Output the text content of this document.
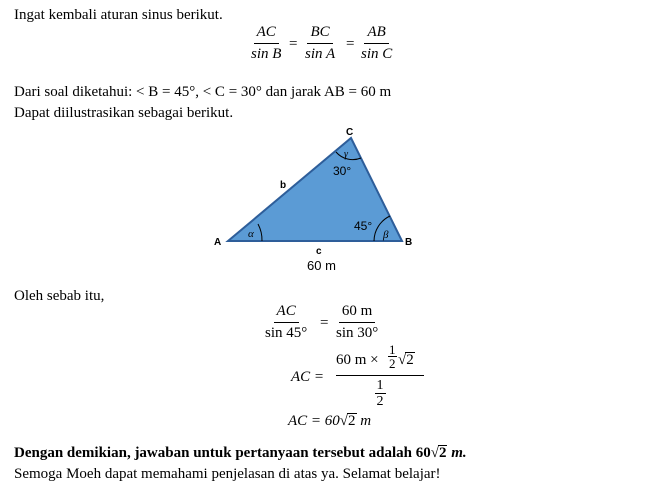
Ingat kembali aturan sinus berikut.
$\frac{AC}{\text{sin B}} = \frac{BC}{\text{sin A}} = \frac{AB}{\text{sin C}}$
Dari soal diketahui: < B = 45°, < C = 30° dan jarak AB = 60 m
Dapat diilustrasikan sebagai berikut.
A	B
C
b
c
α	β
γ
30°
45°
60 m
Oleh sebab itu,
$\frac{AC}{\sin 45^\circ} = \frac{60 m}{\sin 30^\circ}$
AC =
60 $m \times \frac{1}{2} √2$
$\frac{1}{2}$
AC = 60√2 m
Dengan demikian, jawaban untuk pertanyaan tersebut adalah 60√2 m.
Semoga Moeh dapat memahami penjelasan di atas ya. Selamat belajar!
